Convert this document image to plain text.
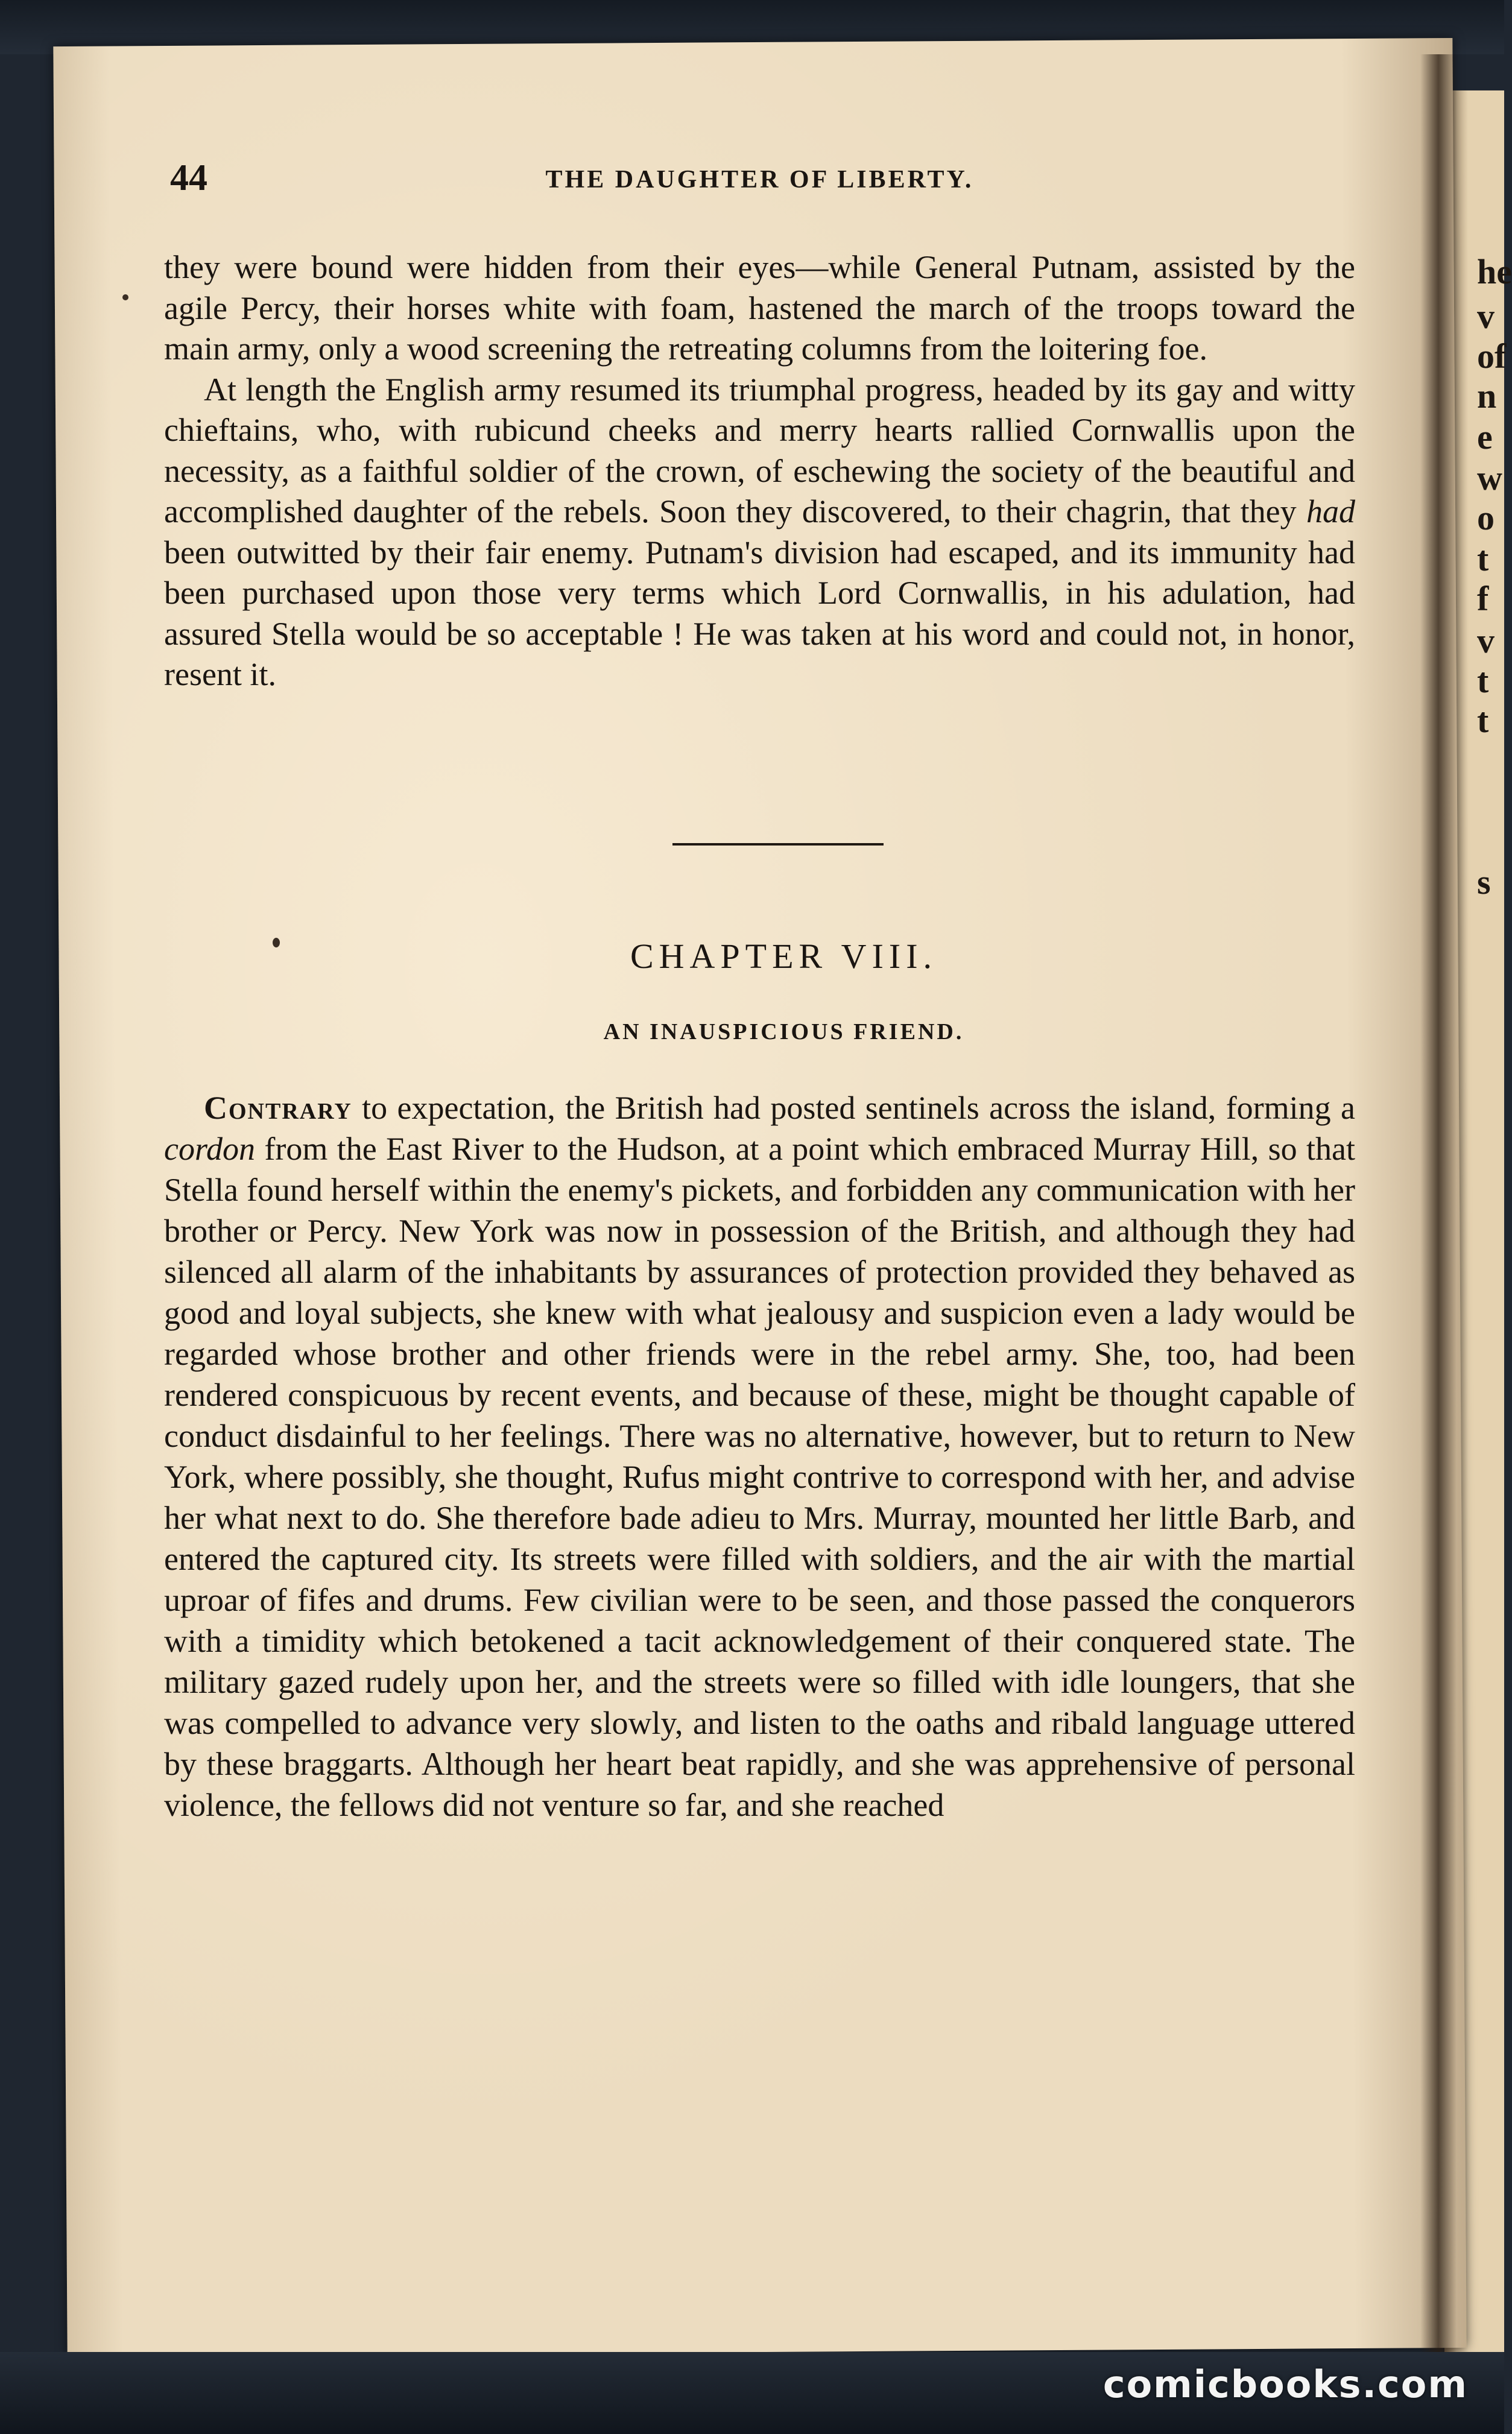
he
v
of
n
e
w
o
t
f
v
t
t
s
44	THE DAUGHTER OF LIBERTY.

they were bound were hidden from their eyes—while General Putnam, assisted by the agile Percy, their horses white with foam, hastened the march of the troops toward the main army, only a wood screening the retreating columns from the loitering foe.

At length the English army resumed its triumphal progress, headed by its gay and witty chieftains, who, with rubicund cheeks and merry hearts rallied Cornwallis upon the necessity, as a faithful soldier of the crown, of eschewing the society of the beautiful and accomplished daughter of the rebels. Soon they discovered, to their chagrin, that they had been outwitted by their fair enemy. Putnam's division had escaped, and its immunity had been purchased upon those very terms which Lord Cornwallis, in his adulation, had assured Stella would be so acceptable ! He was taken at his word and could not, in honor, resent it.

CHAPTER VIII.
AN INAUSPICIOUS FRIEND.

Contrary to expectation, the British had posted sentinels across the island, forming a cordon from the East River to the Hudson, at a point which embraced Murray Hill, so that Stella found herself within the enemy's pickets, and forbidden any communication with her brother or Percy. New York was now in possession of the British, and although they had silenced all alarm of the inhabitants by assurances of protection provided they behaved as good and loyal subjects, she knew with what jealousy and suspicion even a lady would be regarded whose brother and other friends were in the rebel army. She, too, had been rendered conspicuous by recent events, and because of these, might be thought capable of conduct disdainful to her feelings. There was no alternative, however, but to return to New York, where possibly, she thought, Rufus might contrive to correspond with her, and advise her what next to do. She therefore bade adieu to Mrs. Murray, mounted her little Barb, and entered the captured city. Its streets were filled with soldiers, and the air with the martial uproar of fifes and drums. Few civilian were to be seen, and those passed the conquerors with a timidity which betokened a tacit acknowledgement of their conquered state. The military gazed rudely upon her, and the streets were so filled with idle loungers, that she was compelled to advance very slowly, and listen to the oaths and ribald language uttered by these braggarts. Although her heart beat rapidly, and she was apprehensive of personal violence, the fellows did not venture so far, and she reached

comicbooks.com
